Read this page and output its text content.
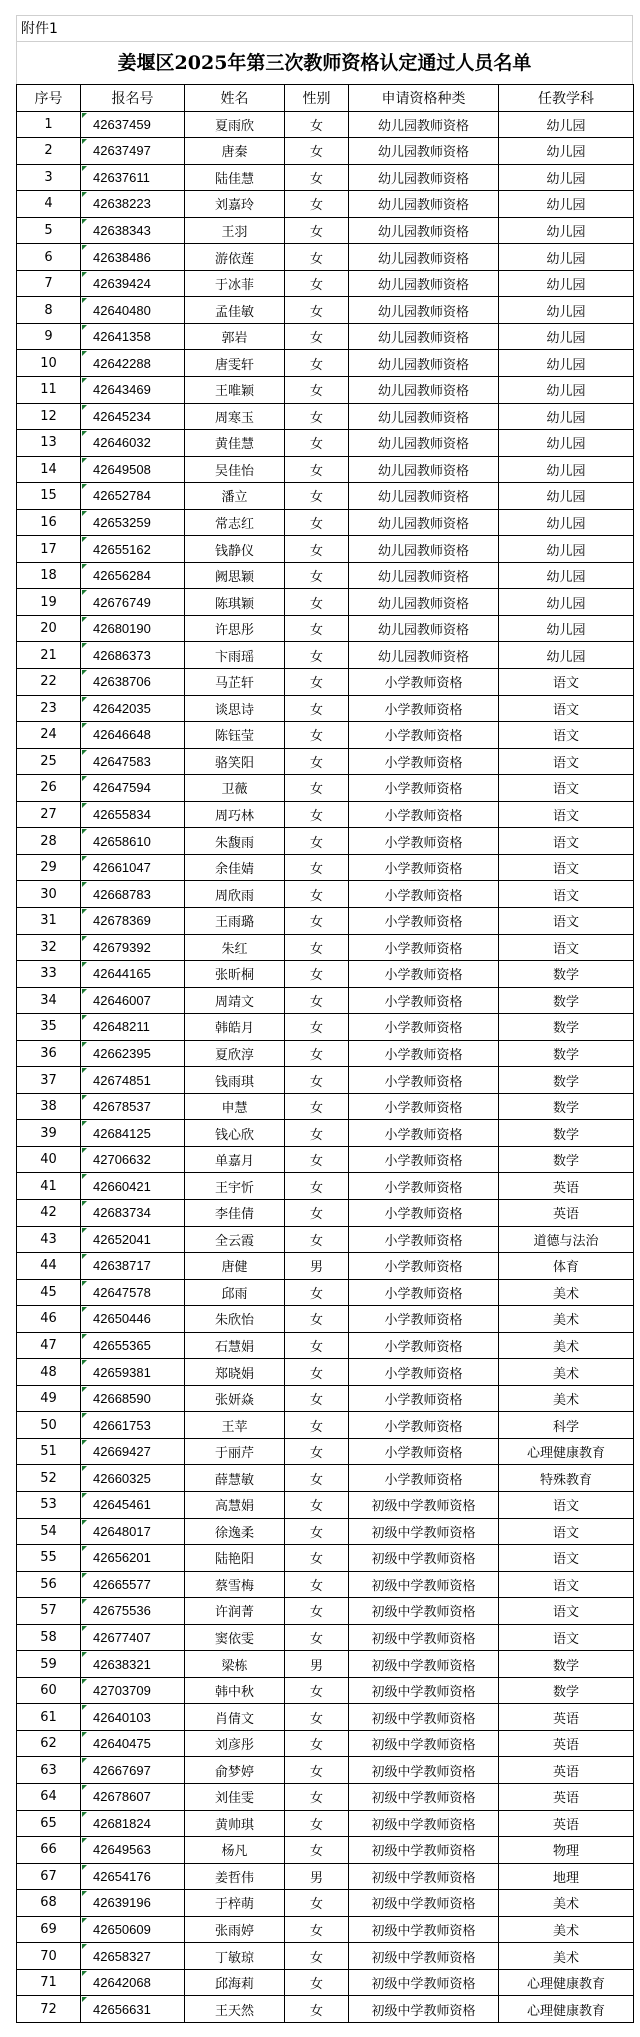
附件1
姜堰区2025年第三次教师资格认定通过人员名单
序号	报名号	姓名	性别	申请资格种类	任教学科
1	42637459	夏雨欣	女	幼儿园教师资格	幼儿园
2	42637497	唐秦	女	幼儿园教师资格	幼儿园
3	42637611	陆佳慧	女	幼儿园教师资格	幼儿园
4	42638223	刘嘉玲	女	幼儿园教师资格	幼儿园
5	42638343	王羽	女	幼儿园教师资格	幼儿园
6	42638486	游依莲	女	幼儿园教师资格	幼儿园
7	42639424	于冰菲	女	幼儿园教师资格	幼儿园
8	42640480	孟佳敏	女	幼儿园教师资格	幼儿园
9	42641358	郭岩	女	幼儿园教师资格	幼儿园
10	42642288	唐雯轩	女	幼儿园教师资格	幼儿园
11	42643469	王唯颖	女	幼儿园教师资格	幼儿园
12	42645234	周寒玉	女	幼儿园教师资格	幼儿园
13	42646032	黄佳慧	女	幼儿园教师资格	幼儿园
14	42649508	吴佳怡	女	幼儿园教师资格	幼儿园
15	42652784	潘立	女	幼儿园教师资格	幼儿园
16	42653259	常志红	女	幼儿园教师资格	幼儿园
17	42655162	钱静仪	女	幼儿园教师资格	幼儿园
18	42656284	阙思颖	女	幼儿园教师资格	幼儿园
19	42676749	陈琪颖	女	幼儿园教师资格	幼儿园
20	42680190	许思彤	女	幼儿园教师资格	幼儿园
21	42686373	卞雨瑶	女	幼儿园教师资格	幼儿园
22	42638706	马芷轩	女	小学教师资格	语文
23	42642035	谈思诗	女	小学教师资格	语文
24	42646648	陈钰莹	女	小学教师资格	语文
25	42647583	骆笑阳	女	小学教师资格	语文
26	42647594	卫薇	女	小学教师资格	语文
27	42655834	周巧林	女	小学教师资格	语文
28	42658610	朱馥雨	女	小学教师资格	语文
29	42661047	余佳婧	女	小学教师资格	语文
30	42668783	周欣雨	女	小学教师资格	语文
31	42678369	王雨璐	女	小学教师资格	语文
32	42679392	朱红	女	小学教师资格	语文
33	42644165	张昕桐	女	小学教师资格	数学
34	42646007	周靖文	女	小学教师资格	数学
35	42648211	韩皓月	女	小学教师资格	数学
36	42662395	夏欣淳	女	小学教师资格	数学
37	42674851	钱雨琪	女	小学教师资格	数学
38	42678537	申慧	女	小学教师资格	数学
39	42684125	钱心欣	女	小学教师资格	数学
40	42706632	单嘉月	女	小学教师资格	数学
41	42660421	王宇忻	女	小学教师资格	英语
42	42683734	李佳倩	女	小学教师资格	英语
43	42652041	全云霞	女	小学教师资格	道德与法治
44	42638717	唐健	男	小学教师资格	体育
45	42647578	邱雨	女	小学教师资格	美术
46	42650446	朱欣怡	女	小学教师资格	美术
47	42655365	石慧娟	女	小学教师资格	美术
48	42659381	郑晓娟	女	小学教师资格	美术
49	42668590	张妍焱	女	小学教师资格	美术
50	42661753	王苹	女	小学教师资格	科学
51	42669427	于丽芹	女	小学教师资格	心理健康教育
52	42660325	薛慧敏	女	小学教师资格	特殊教育
53	42645461	高慧娟	女	初级中学教师资格	语文
54	42648017	徐逸柔	女	初级中学教师资格	语文
55	42656201	陆艳阳	女	初级中学教师资格	语文
56	42665577	蔡雪梅	女	初级中学教师资格	语文
57	42675536	许润菁	女	初级中学教师资格	语文
58	42677407	窦依雯	女	初级中学教师资格	语文
59	42638321	梁栋	男	初级中学教师资格	数学
60	42703709	韩中秋	女	初级中学教师资格	数学
61	42640103	肖倩文	女	初级中学教师资格	英语
62	42640475	刘彦彤	女	初级中学教师资格	英语
63	42667697	俞梦婷	女	初级中学教师资格	英语
64	42678607	刘佳雯	女	初级中学教师资格	英语
65	42681824	黄帅琪	女	初级中学教师资格	英语
66	42649563	杨凡	女	初级中学教师资格	物理
67	42654176	姜哲伟	男	初级中学教师资格	地理
68	42639196	于梓萌	女	初级中学教师资格	美术
69	42650609	张雨婷	女	初级中学教师资格	美术
70	42658327	丁敏琼	女	初级中学教师资格	美术
71	42642068	邱海莉	女	初级中学教师资格	心理健康教育
72	42656631	王天然	女	初级中学教师资格	心理健康教育
